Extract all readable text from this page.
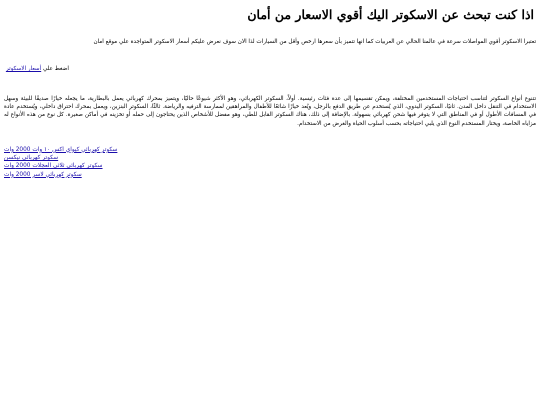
اذا كنت تبحث عن الاسكوتر اليك أقوي الاسعار من أمان

تعتبرا الاسكوتر أقوي المواصلات سرعة في عالمنا الحالي عن العربيات كما انها تتميز بأن سعرها ارخص وأقل من السيارات لذا الان سوف نعرض عليكم أسعار الاسكوتر المتواجدة علي موقع امان

اضغط علي أسعار الاسكوتر

تتنوع أنواع السكوتر لتناسب احتياجات المستخدمين المختلفة، ويمكن تقسيمها إلى عدة فئات رئيسية. أولاً، السكوتر الكهربائي، وهو الأكثر شيوعًا حاليًا، ويتميز بمحرك كهربائي يعمل بالبطارية، ما يجعله خيارًا صديقًا للبيئة وسهل الاستخدام في التنقل داخل المدن. ثانيًا، السكوتر اليدوي، الذي يُستخدم عن طريق الدفع بالرجل، ويُعد خيارًا شائعًا للأطفال والمراهقين لممارسة الترفيه والرياضة. ثالثًا، السكوتر البنزين، ويعمل بمحرك احتراق داخلي، ويُستخدم عادة في المسافات الأطول أو في المناطق التي لا يتوفر فيها شحن كهربائي بسهولة. بالإضافة إلى ذلك، هناك السكوتر القابل للطي، وهو مفضل للأشخاص الذين يحتاجون إلى حمله أو تخزينه في أماكن صغيرة. كل نوع من هذه الأنواع له مزاياه الخاصة، ويختار المستخدم النوع الذي يلبي احتياجاته بحسب أسلوب الحياة والغرض من الاستخدام.

سكوتر كهربائي كيواي اكس ١٠ وات 2000 وات
سكوتر كهربائي نيكسن
سكوتر كهربائي ثلاثي العجلات 2000 وات
سكوتر كهربائي لاسر 2000 وات
